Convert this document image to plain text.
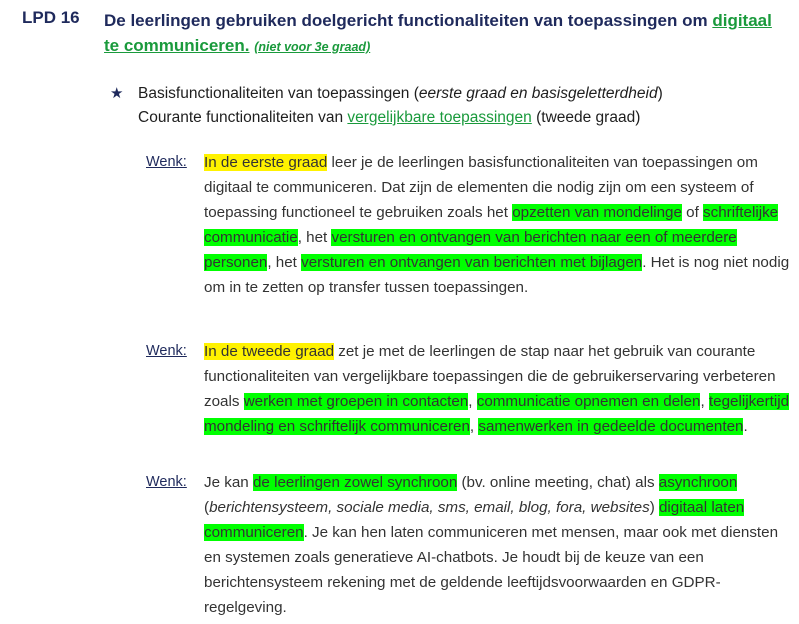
LPD 16 De leerlingen gebruiken doelgericht functionaliteiten van toepassingen om digitaal te communiceren. (niet voor 3e graad)
★ Basisfunctionaliteiten van toepassingen (eerste graad en basisgeletterdheid)
Courante functionaliteiten van vergelijkbare toepassingen (tweede graad)
Wenk: In de eerste graad leer je de leerlingen basisfunctionaliteiten van toepassingen om digitaal te communiceren. Dat zijn de elementen die nodig zijn om een systeem of toepassing functioneel te gebruiken zoals het opzetten van mondelinge of schriftelijke communicatie, het versturen en ontvangen van berichten naar een of meerdere personen, het versturen en ontvangen van berichten met bijlagen. Het is nog niet nodig om in te zetten op transfer tussen toepassingen.
Wenk: In de tweede graad zet je met de leerlingen de stap naar het gebruik van courante functionaliteiten van vergelijkbare toepassingen die de gebruikerservaring verbeteren zoals werken met groepen in contacten, communicatie opnemen en delen, tegelijkertijd mondeling en schriftelijk communiceren, samenwerken in gedeelde documenten.
Wenk: Je kan de leerlingen zowel synchroon (bv. online meeting, chat) als asynchroon (berichtensysteem, sociale media, sms, email, blog, fora, websites) digitaal laten communiceren. Je kan hen laten communiceren met mensen, maar ook met diensten en systemen zoals generatieve AI-chatbots. Je houdt bij de keuze van een berichtensysteem rekening met de geldende leeftijdsvoorwaarden en GDPR-regelgeving.
